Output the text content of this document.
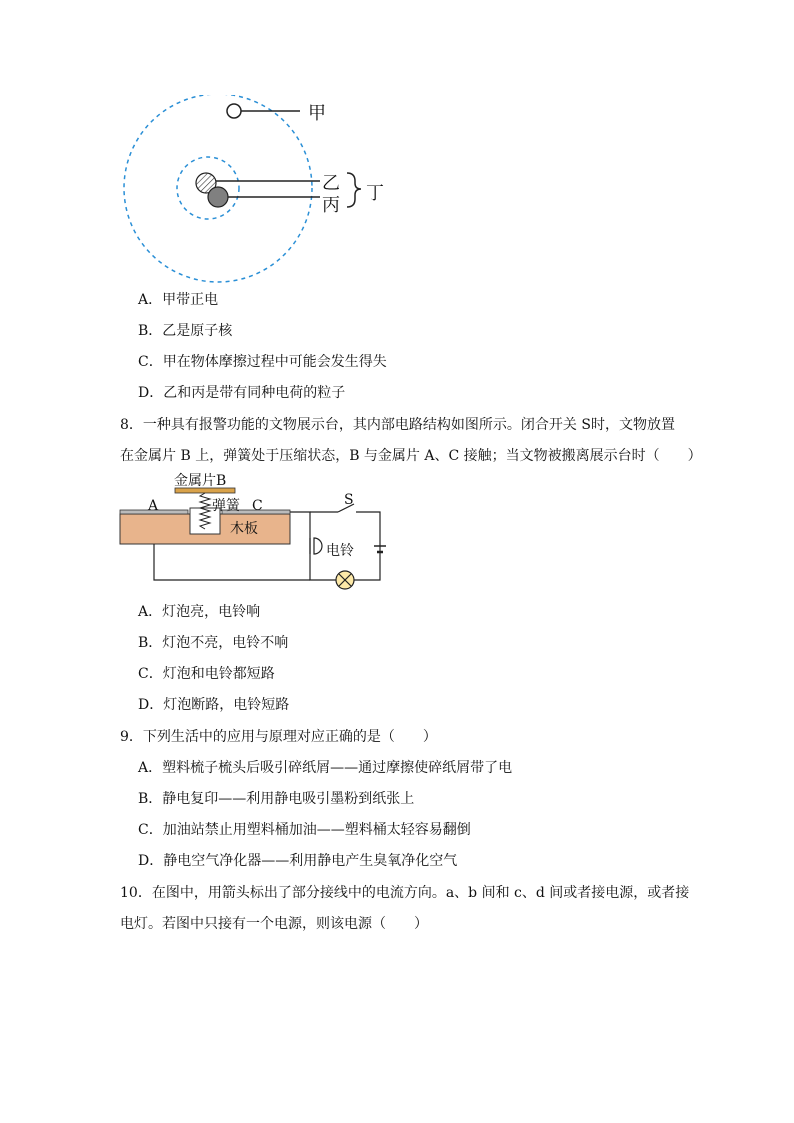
甲
乙
丙
丁
A．甲带正电
B．乙是原子核
C．甲在物体摩擦过程中可能会发生得失
D．乙和丙是带有同种电荷的粒子
8．一种具有报警功能的文物展示台，其内部电路结构如图所示。闭合开关 S时，文物放置
在金属片 B 上，弹簧处于压缩状态，B 与金属片 A、C 接触；当文物被搬离展示台时（　　）
金属片B
弹簧
A	C
木板
S
电铃
A．灯泡亮，电铃响
B．灯泡不亮，电铃不响
C．灯泡和电铃都短路
D．灯泡断路，电铃短路
9．下列生活中的应用与原理对应正确的是（　　）
A．塑料梳子梳头后吸引碎纸屑——通过摩擦使碎纸屑带了电
B．静电复印——利用静电吸引墨粉到纸张上
C．加油站禁止用塑料桶加油——塑料桶太轻容易翻倒
D．静电空气净化器——利用静电产生臭氧净化空气
10．在图中，用箭头标出了部分接线中的电流方向。a、b 间和 c、d 间或者接电源，或者接
电灯。若图中只接有一个电源，则该电源（　　）
